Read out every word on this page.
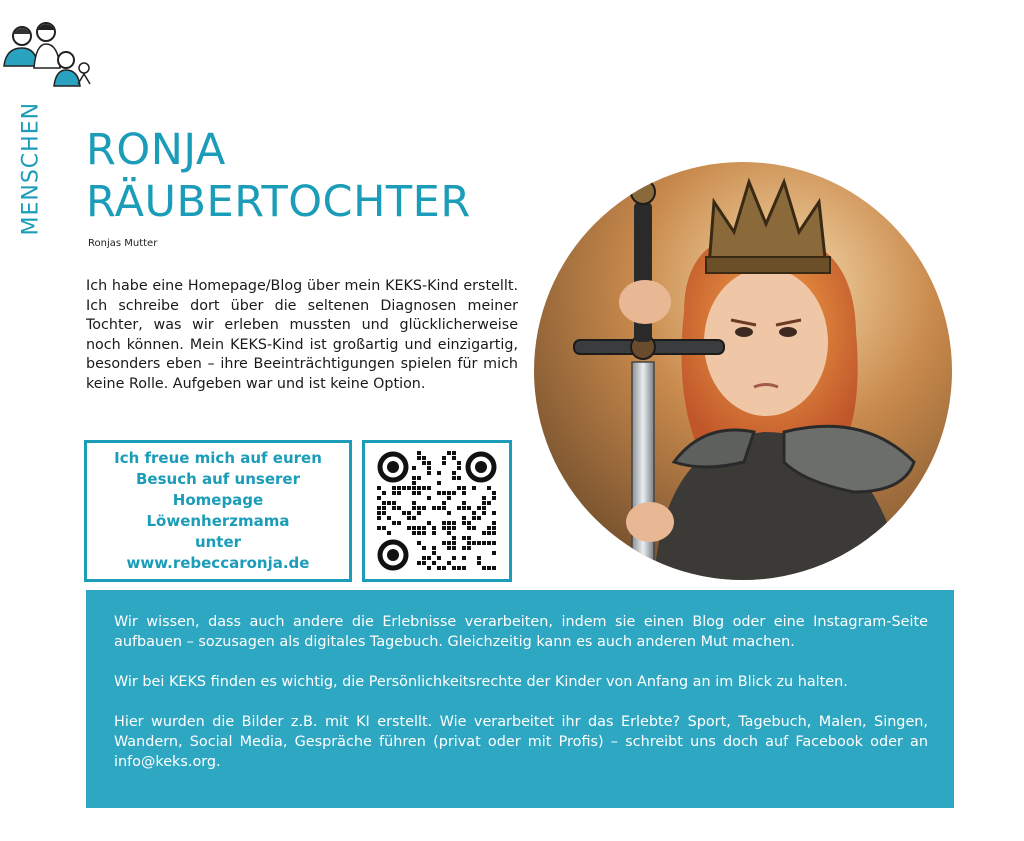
MENSCHEN RONJA
RÄUBERTOCHTER
Ronjas Mutter

Ich habe eine Homepage/Blog über mein KEKS-Kind erstellt. Ich schreibe dort über die seltenen Diagnosen meiner Tochter, was wir erleben mussten und glücklicherweise noch können. Mein KEKS-Kind ist großartig und einzigartig, besonders eben – ihre Beeinträchtigungen spielen für mich keine Rolle. Aufgeben war und ist keine Option.

Ich freue mich auf euren
Besuch auf unserer
Homepage Löwenherzmama
unter www.rebeccaronja.de

Wir wissen, dass auch andere die Erlebnisse verarbeiten, indem sie einen Blog oder eine Instagram-Seite aufbauen – sozusagen als digitales Tagebuch. Gleichzeitig kann es auch anderen Mut machen.

Wir bei KEKS finden es wichtig, die Persönlichkeitsrechte der Kinder von Anfang an im Blick zu halten.

Hier wurden die Bilder z.B. mit KI erstellt. Wie verarbeitet ihr das Erlebte? Sport, Tagebuch, Malen, Singen, Wandern, Social Media, Gespräche führen (privat oder mit Profis) – schreibt uns doch auf Facebook oder an info@keks.org.
